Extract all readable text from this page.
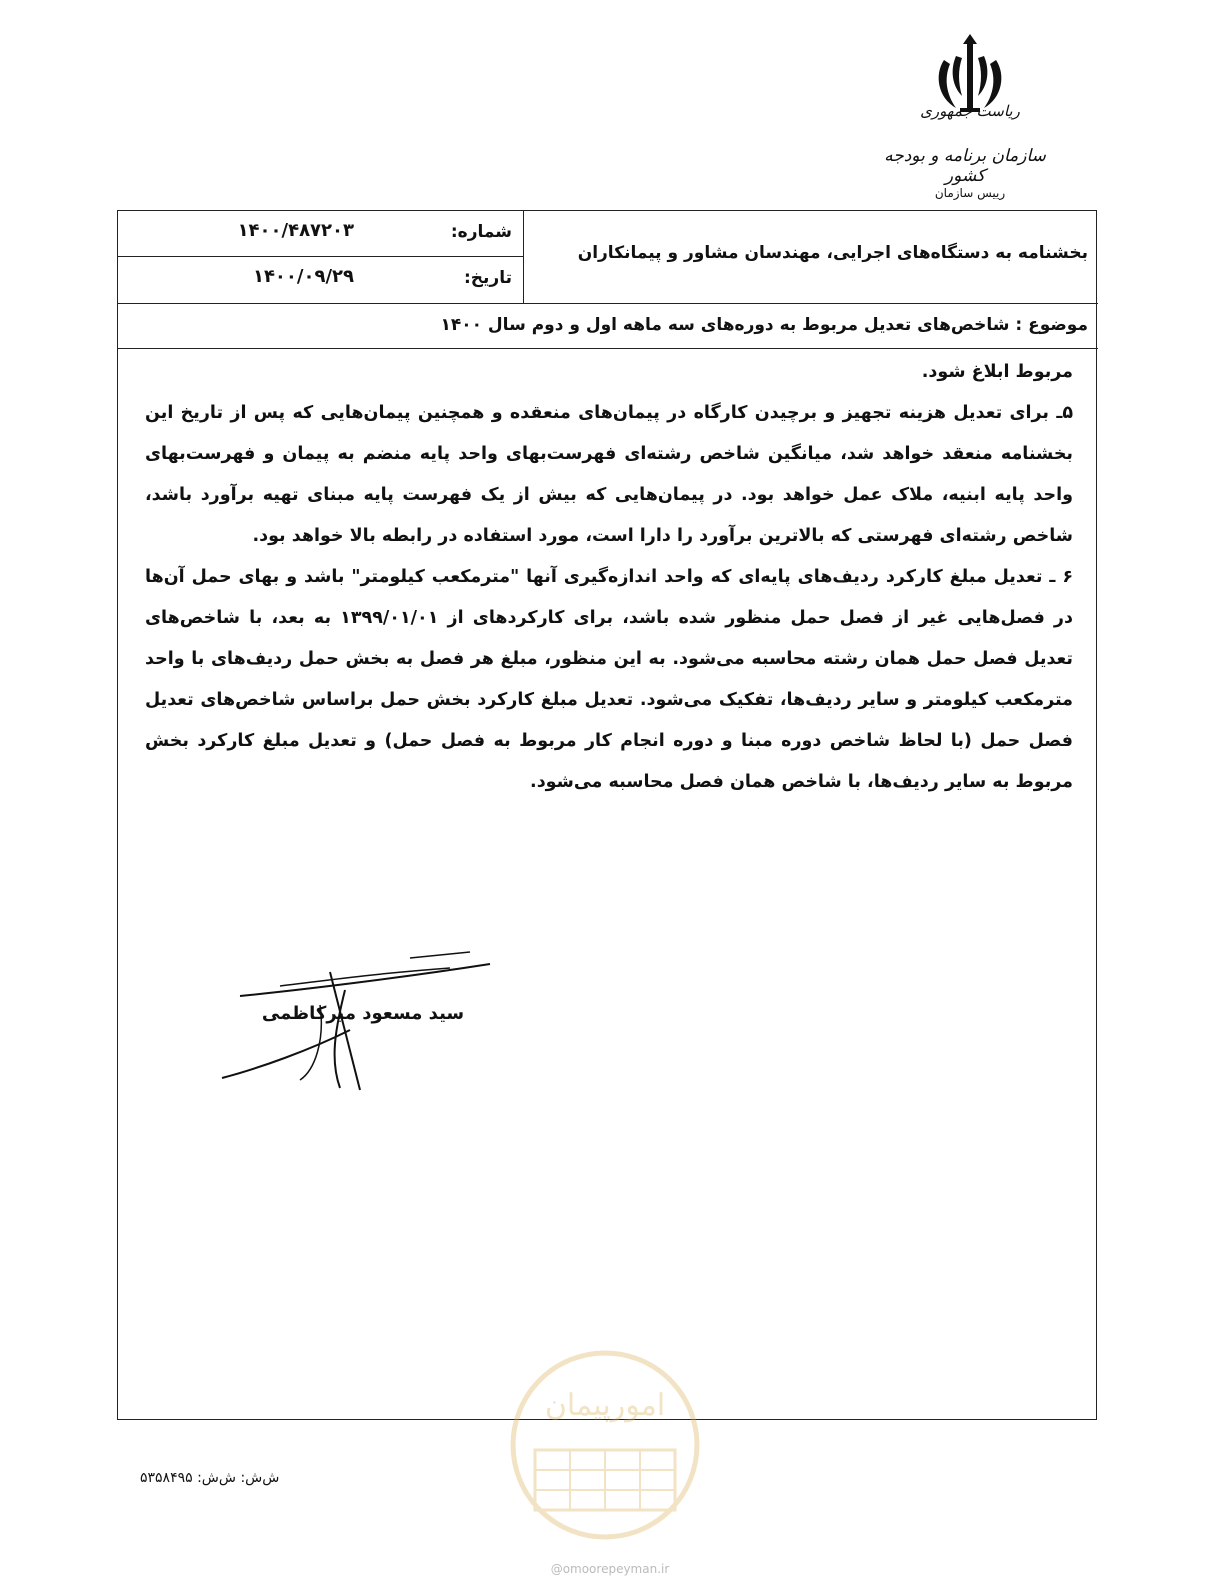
ریاست جمهوری
سازمان برنامه و بودجه کشور
رییس سازمان
شماره:
۱۴۰۰/۴۸۷۲۰۳
تاریخ:
۱۴۰۰/۰۹/۲۹
بخشنامه به دستگاه‌های اجرایی، مهندسان مشاور و پیمانکاران
موضوع : شاخص‌های تعدیل مربوط به دوره‌های سه ماهه اول و دوم سال ۱۴۰۰

مربوط ابلاغ شود.

۵ـ برای تعدیل هزینه تجهیز و برچیدن کارگاه در پیمان‌های منعقده و همچنین پیمان‌هایی که پس از تاریخ این بخشنامه منعقد خواهد شد، میانگین شاخص رشته‌ای فهرست‌بهای واحد پایه منضم به پیمان و فهرست‌بهای واحد پایه ابنیه، ملاک عمل خواهد بود. در پیمان‌هایی که بیش از یک فهرست پایه مبنای تهیه برآورد باشد، شاخص رشته‌ای فهرستی که بالاترین برآورد را دارا است، مورد استفاده در رابطه بالا خواهد بود.

۶ ـ تعدیل مبلغ کارکرد ردیف‌های پایه‌ای که واحد اندازه‌گیری آنها "مترمکعب کیلومتر" باشد و بهای حمل آن‌ها در فصل‌هایی غیر از فصل حمل منظور شده باشد، برای کارکردهای از ۱۳۹۹/۰۱/۰۱ به بعد، با شاخص‌های تعدیل فصل حمل همان رشته محاسبه می‌شود. به این منظور، مبلغ هر فصل به بخش حمل ردیف‌های با واحد مترمکعب کیلومتر و سایر ردیف‌ها، تفکیک می‌شود. تعدیل مبلغ کارکرد بخش حمل براساس شاخص‌های تعدیل فصل حمل (با لحاظ شاخص دوره مبنا و دوره انجام کار مربوط به فصل حمل) و تعدیل مبلغ کارکرد بخش مربوط به سایر ردیف‌ها، با شاخص همان فصل محاسبه می‌شود.

سید مسعود میرکاظمی
ش‌ش: ش‌ش: ۵۳۵۸۴۹۵
امورپیمان
@omoorepeyman.ir
